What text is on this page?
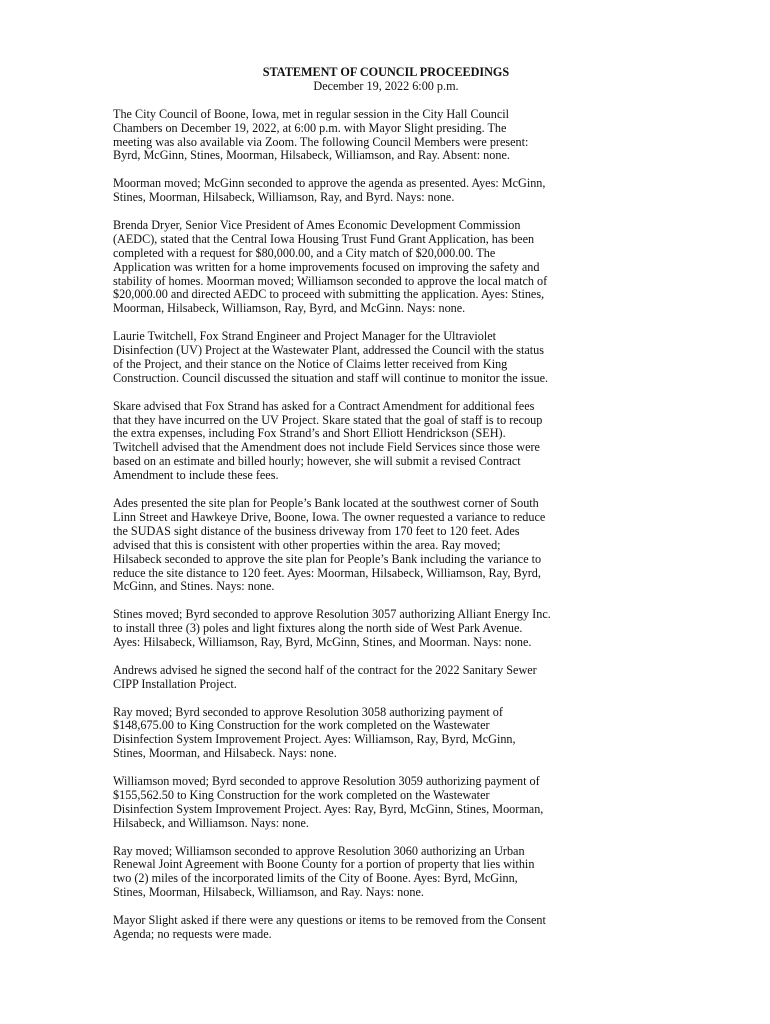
STATEMENT OF COUNCIL PROCEEDINGS

December 19, 2022 6:00 p.m.

The City Council of Boone, Iowa, met in regular session in the City Hall Council
Chambers on December 19, 2022, at 6:00 p.m. with Mayor Slight presiding. The
meeting was also available via Zoom. The following Council Members were present:
Byrd, McGinn, Stines, Moorman, Hilsabeck, Williamson, and Ray. Absent: none.

Moorman moved; McGinn seconded to approve the agenda as presented. Ayes: McGinn,
Stines, Moorman, Hilsabeck, Williamson, Ray, and Byrd. Nays: none.

Brenda Dryer, Senior Vice President of Ames Economic Development Commission
(AEDC), stated that the Central Iowa Housing Trust Fund Grant Application, has been
completed with a request for $80,000.00, and a City match of $20,000.00. The
Application was written for a home improvements focused on improving the safety and
stability of homes. Moorman moved; Williamson seconded to approve the local match of
$20,000.00 and directed AEDC to proceed with submitting the application. Ayes: Stines,
Moorman, Hilsabeck, Williamson, Ray, Byrd, and McGinn. Nays: none.

Laurie Twitchell, Fox Strand Engineer and Project Manager for the Ultraviolet
Disinfection (UV) Project at the Wastewater Plant, addressed the Council with the status
of the Project, and their stance on the Notice of Claims letter received from King
Construction. Council discussed the situation and staff will continue to monitor the issue.

Skare advised that Fox Strand has asked for a Contract Amendment for additional fees
that they have incurred on the UV Project. Skare stated that the goal of staff is to recoup
the extra expenses, including Fox Strand’s and Short Elliott Hendrickson (SEH).
Twitchell advised that the Amendment does not include Field Services since those were
based on an estimate and billed hourly; however, she will submit a revised Contract
Amendment to include these fees.

Ades presented the site plan for People’s Bank located at the southwest corner of South
Linn Street and Hawkeye Drive, Boone, Iowa. The owner requested a variance to reduce
the SUDAS sight distance of the business driveway from 170 feet to 120 feet. Ades
advised that this is consistent with other properties within the area. Ray moved;
Hilsabeck seconded to approve the site plan for People’s Bank including the variance to
reduce the site distance to 120 feet. Ayes: Moorman, Hilsabeck, Williamson, Ray, Byrd,
McGinn, and Stines. Nays: none.

Stines moved; Byrd seconded to approve Resolution 3057 authorizing Alliant Energy Inc.
to install three (3) poles and light fixtures along the north side of West Park Avenue.
Ayes: Hilsabeck, Williamson, Ray, Byrd, McGinn, Stines, and Moorman. Nays: none.

Andrews advised he signed the second half of the contract for the 2022 Sanitary Sewer
CIPP Installation Project.

Ray moved; Byrd seconded to approve Resolution 3058 authorizing payment of
$148,675.00 to King Construction for the work completed on the Wastewater
Disinfection System Improvement Project. Ayes: Williamson, Ray, Byrd, McGinn,
Stines, Moorman, and Hilsabeck. Nays: none.

Williamson moved; Byrd seconded to approve Resolution 3059 authorizing payment of
$155,562.50 to King Construction for the work completed on the Wastewater
Disinfection System Improvement Project. Ayes: Ray, Byrd, McGinn, Stines, Moorman,
Hilsabeck, and Williamson. Nays: none.

Ray moved; Williamson seconded to approve Resolution 3060 authorizing an Urban
Renewal Joint Agreement with Boone County for a portion of property that lies within
two (2) miles of the incorporated limits of the City of Boone. Ayes: Byrd, McGinn,
Stines, Moorman, Hilsabeck, Williamson, and Ray. Nays: none.

Mayor Slight asked if there were any questions or items to be removed from the Consent
Agenda; no requests were made.
